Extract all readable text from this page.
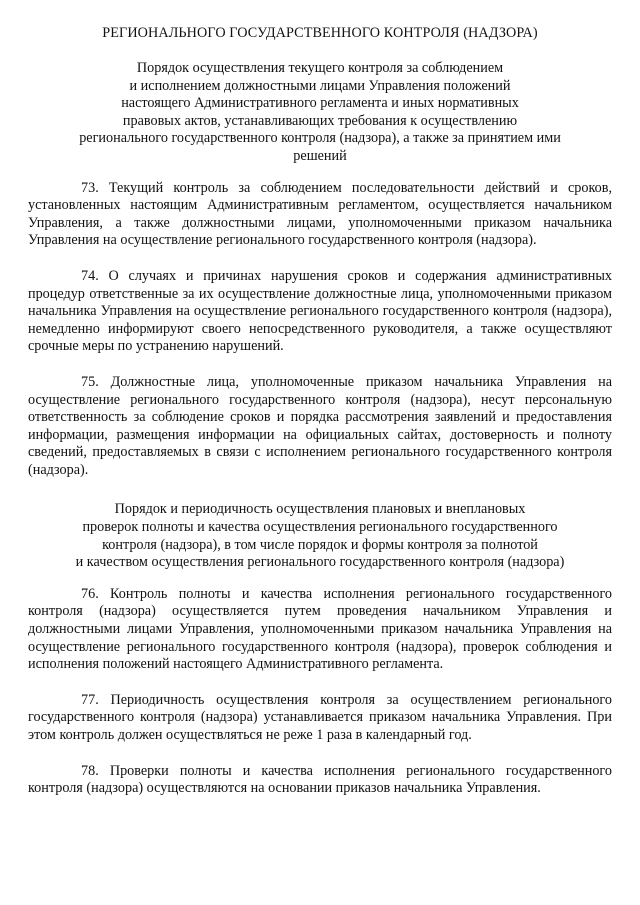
РЕГИОНАЛЬНОГО ГОСУДАРСТВЕННОГО КОНТРОЛЯ (НАДЗОРА)
Порядок осуществления текущего контроля за соблюдением
и исполнением должностными лицами Управления положений
настоящего Административного регламента и иных нормативных
правовых актов, устанавливающих требования к осуществлению
регионального государственного контроля (надзора), а также за принятием ими
решений

73. Текущий контроль за соблюдением последовательности действий и сроков, установленных настоящим Административным регламентом, осуществляется начальником Управления, а также должностными лицами, уполномоченными приказом начальника Управления на осуществление регионального государственного контроля (надзора).

74. О случаях и причинах нарушения сроков и содержания административных процедур ответственные за их осуществление должностные лица, уполномоченными приказом начальника Управления на осуществление регионального государственного контроля (надзора), немедленно информируют своего непосредственного руководителя, а также осуществляют срочные меры по устранению нарушений.

75. Должностные лица, уполномоченные приказом начальника Управления на осуществление регионального государственного контроля (надзора), несут персональную ответственность за соблюдение сроков и порядка рассмотрения заявлений и предоставления информации, размещения информации на официальных сайтах, достоверность и полноту сведений, предоставляемых в связи с исполнением регионального государственного контроля (надзора).

Порядок и периодичность осуществления плановых и внеплановых
проверок полноты и качества осуществления регионального государственного
контроля (надзора), в том числе порядок и формы контроля за полнотой
и качеством осуществления регионального государственного контроля (надзора)

76. Контроль полноты и качества исполнения регионального государственного контроля (надзора) осуществляется путем проведения начальником Управления и должностными лицами Управления, уполномоченными приказом начальника Управления на осуществление регионального государственного контроля (надзора), проверок соблюдения и исполнения положений настоящего Административного регламента.

77. Периодичность осуществления контроля за осуществлением регионального государственного контроля (надзора) устанавливается приказом начальника Управления. При этом контроль должен осуществляться не реже 1 раза в календарный год.

78. Проверки полноты и качества исполнения регионального государственного контроля (надзора) осуществляются на основании приказов начальника Управления.
